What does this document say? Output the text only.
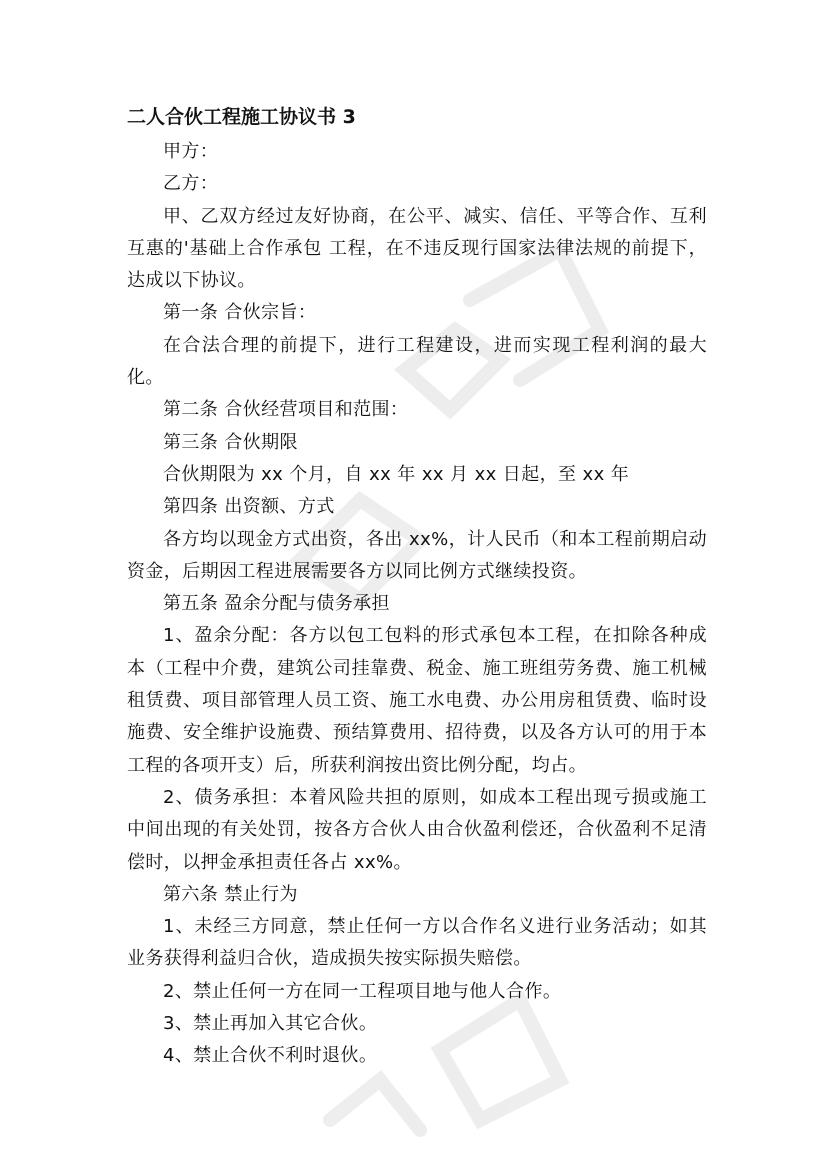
二人合伙工程施工协议书 3

甲方：

乙方：

甲、乙双方经过友好协商，在公平、减实、信任、平等合作、互利互惠的'基础上合作承包 工程，在不违反现行国家法律法规的前提下，达成以下协议。

第一条 合伙宗旨：

在合法合理的前提下，进行工程建设，进而实现工程利润的最大化。

第二条 合伙经营项目和范围：

第三条 合伙期限

合伙期限为 xx 个月，自 xx 年 xx 月 xx 日起，至 xx 年

第四条 出资额、方式

各方均以现金方式出资，各出 xx%，计人民币（和本工程前期启动资金，后期因工程进展需要各方以同比例方式继续投资。

第五条 盈余分配与债务承担

1、盈余分配：各方以包工包料的形式承包本工程，在扣除各种成本（工程中介费，建筑公司挂靠费、税金、施工班组劳务费、施工机械租赁费、项目部管理人员工资、施工水电费、办公用房租赁费、临时设施费、安全维护设施费、预结算费用、招待费，以及各方认可的用于本工程的各项开支）后，所获利润按出资比例分配，均占。

2、债务承担：本着风险共担的原则，如成本工程出现亏损或施工中间出现的有关处罚，按各方合伙人由合伙盈利偿还，合伙盈利不足清偿时，以押金承担责任各占 xx%。

第六条 禁止行为

1、未经三方同意，禁止任何一方以合作名义进行业务活动；如其业务获得利益归合伙，造成损失按实际损失赔偿。

2、禁止任何一方在同一工程项目地与他人合作。

3、禁止再加入其它合伙。

4、禁止合伙不利时退伙。
